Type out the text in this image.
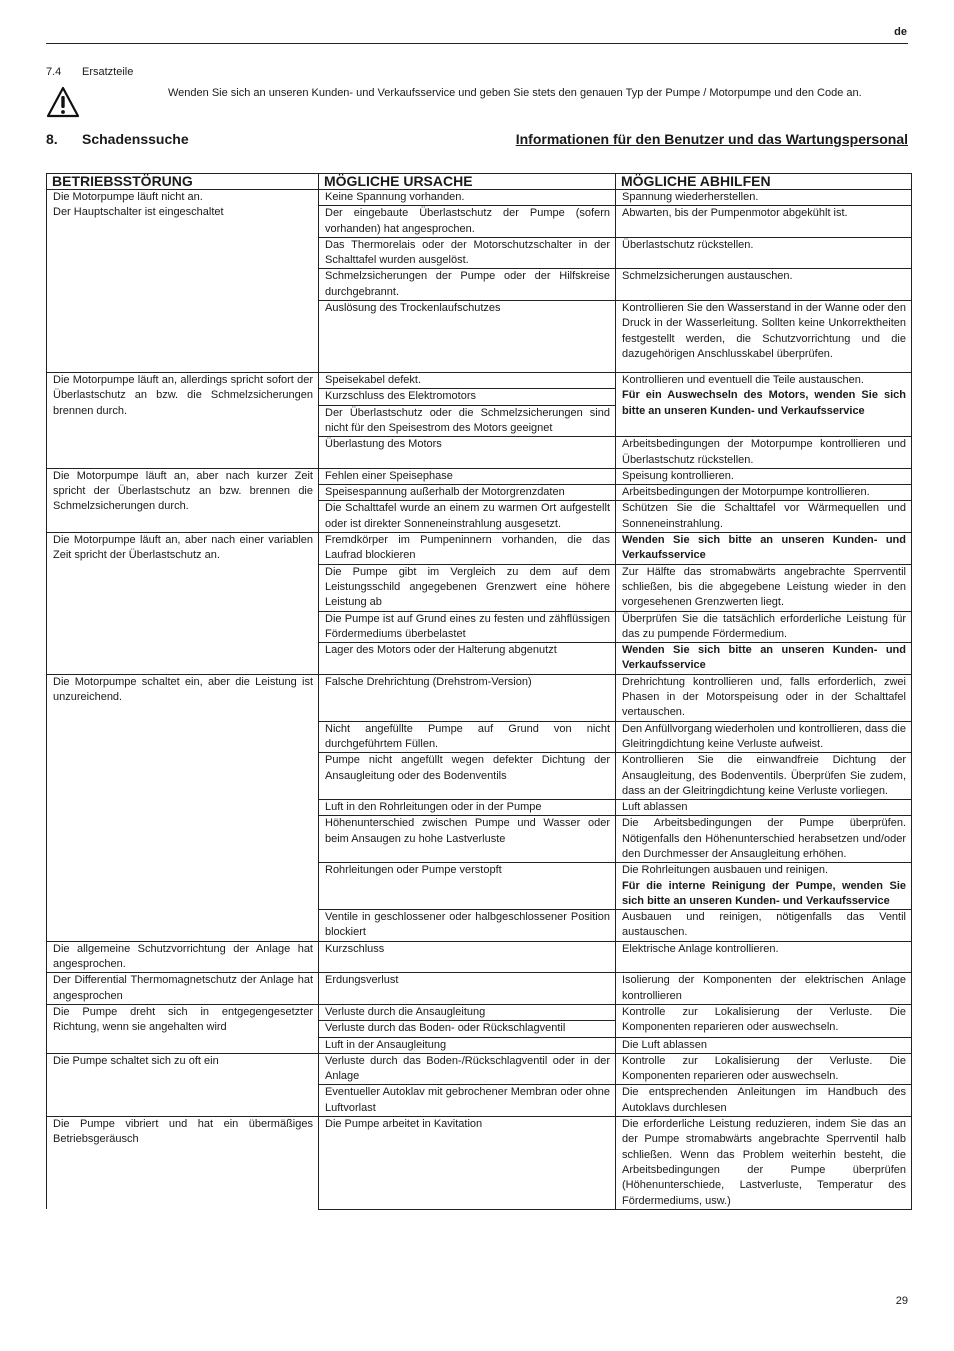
de
7.4 Ersatzteile
Wenden Sie sich an unseren Kunden- und Verkaufsservice und geben Sie stets den genauen Typ der Pumpe / Motorpumpe und den Code an.
8. Schadenssuche	Informationen für den Benutzer und das Wartungspersonal
BETRIEBSSTÖRUNG	MÖGLICHE URSACHE	MÖGLICHE ABHILFEN
Die Motorpumpe läuft nicht an.
Der Hauptschalter ist eingeschaltet	Keine Spannung vorhanden.	Spannung wiederherstellen.
	Der eingebaute Überlastschutz der Pumpe (sofern vorhanden) hat angesprochen.	Abwarten, bis der Pumpenmotor abgekühlt ist.
	Das Thermorelais oder der Motorschutzschalter in der Schalttafel wurden ausgelöst.	Überlastschutz rückstellen.
	Schmelzsicherungen der Pumpe oder der Hilfskreise durchgebrannt.	Schmelzsicherungen austauschen.
	Auslösung des Trockenlaufschutzes	Kontrollieren Sie den Wasserstand in der Wanne oder den Druck in der Wasserleitung. Sollten keine Unkorrektheiten festgestellt werden, die Schutzvorrichtung und die dazugehörigen Anschlusskabel überprüfen.
Die Motorpumpe läuft an, allerdings spricht sofort der Überlastschutz an bzw. die Schmelzsicherungen brennen durch.	Speisekabel defekt.	Kontrollieren und eventuell die Teile austauschen.
Für ein Auswechseln des Motors, wenden Sie sich bitte an unseren Kunden- und Verkaufsservice
	Kurzschluss des Elektromotors	
	Der Überlastschutz oder die Schmelzsicherungen sind nicht für den Speisestrom des Motors geeignet	
	Überlastung des Motors	Arbeitsbedingungen der Motorpumpe kontrollieren und Überlastschutz rückstellen.
Die Motorpumpe läuft an, aber nach kurzer Zeit spricht der Überlastschutz an bzw. brennen die Schmelzsicherungen durch.	Fehlen einer Speisephase	Speisung kontrollieren.
	Speisespannung außerhalb der Motorgrenzdaten	Arbeitsbedingungen der Motorpumpe kontrollieren.
	Die Schalttafel wurde an einem zu warmen Ort aufgestellt oder ist direkter Sonneneinstrahlung ausgesetzt.	Schützen Sie die Schalttafel vor Wärmequellen und Sonneneinstrahlung.
Die Motorpumpe läuft an, aber nach einer variablen Zeit spricht der Überlastschutz an.	Fremdkörper im Pumpeninnern vorhanden, die das Laufrad blockieren	Wenden Sie sich bitte an unseren Kunden- und Verkaufsservice
	Die Pumpe gibt im Vergleich zu dem auf dem Leistungsschild angegebenen Grenzwert eine höhere Leistung ab	Zur Hälfte das stromabwärts angebrachte Sperrventil schließen, bis die abgegebene Leistung wieder in den vorgesehenen Grenzwerten liegt.
	Die Pumpe ist auf Grund eines zu festen und zähflüssigen Fördermediums überbelastet	Überprüfen Sie die tatsächlich erforderliche Leistung für das zu pumpende Fördermedium.
	Lager des Motors oder der Halterung abgenutzt	Wenden Sie sich bitte an unseren Kunden- und Verkaufsservice
Die Motorpumpe schaltet ein, aber die Leistung ist unzureichend.	Falsche Drehrichtung (Drehstrom-Version)	Drehrichtung kontrollieren und, falls erforderlich, zwei Phasen in der Motorspeisung oder in der Schalttafel vertauschen.
	Nicht angefüllte Pumpe auf Grund von nicht durchgeführtem Füllen.	Den Anfüllvorgang wiederholen und kontrollieren, dass die Gleitringdichtung keine Verluste aufweist.
	Pumpe nicht angefüllt wegen defekter Dichtung der Ansaugleitung oder des Bodenventils	Kontrollieren Sie die einwandfreie Dichtung der Ansaugleitung, des Bodenventils. Überprüfen Sie zudem, dass an der Gleitringdichtung keine Verluste vorliegen.
	Luft in den Rohrleitungen oder in der Pumpe	Luft ablassen
	Höhenunterschied zwischen Pumpe und Wasser oder beim Ansaugen zu hohe Lastverluste	Die Arbeitsbedingungen der Pumpe überprüfen. Nötigenfalls den Höhenunterschied herabsetzen und/oder den Durchmesser der Ansaugleitung erhöhen.
	Rohrleitungen oder Pumpe verstopft	Die Rohrleitungen ausbauen und reinigen.
Für die interne Reinigung der Pumpe, wenden Sie sich bitte an unseren Kunden- und Verkaufsservice
	Ventile in geschlossener oder halbgeschlossener Position blockiert	Ausbauen und reinigen, nötigenfalls das Ventil austauschen.
Die allgemeine Schutzvorrichtung der Anlage hat angesprochen.	Kurzschluss	Elektrische Anlage kontrollieren.
Der Differential Thermomagnetschutz der Anlage hat angesprochen	Erdungsverlust	Isolierung der Komponenten der elektrischen Anlage kontrollieren
Die Pumpe dreht sich in entgegengesetzter Richtung, wenn sie angehalten wird	Verluste durch die Ansaugleitung	Kontrolle zur Lokalisierung der Verluste. Die Komponenten reparieren oder auswechseln.
	Verluste durch das Boden- oder Rückschlagventil	
	Luft in der Ansaugleitung	Die Luft ablassen
Die Pumpe schaltet sich zu oft ein	Verluste durch das Boden-/Rückschlagventil oder in der Anlage	Kontrolle zur Lokalisierung der Verluste. Die Komponenten reparieren oder auswechseln.
	Eventueller Autoklav mit gebrochener Membran oder ohne Luftvorlast	Die entsprechenden Anleitungen im Handbuch des Autoklavs durchlesen
Die Pumpe vibriert und hat ein übermäßiges Betriebsgeräusch	Die Pumpe arbeitet in Kavitation	Die erforderliche Leistung reduzieren, indem Sie das an der Pumpe stromabwärts angebrachte Sperrventil halb schließen. Wenn das Problem weiterhin besteht, die Arbeitsbedingungen der Pumpe überprüfen (Höhenunterschiede, Lastverluste, Temperatur des Fördermediums, usw.)
29
